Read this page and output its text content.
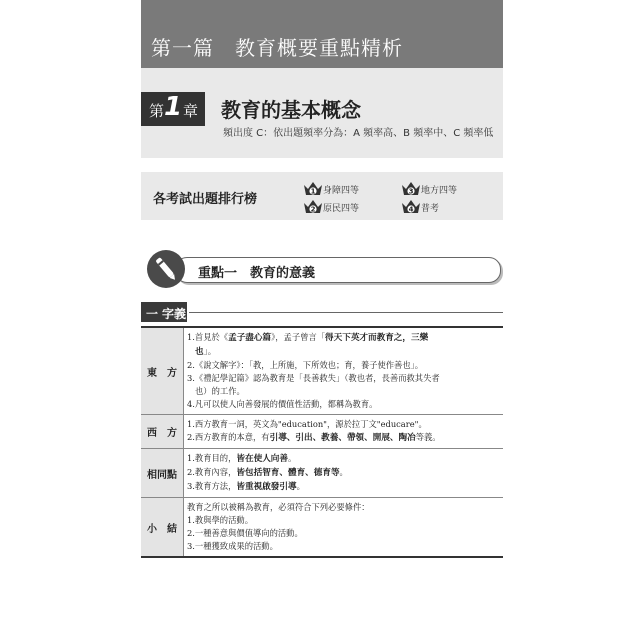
第一篇　教育概要重點精析
第 1 章 教育的基本概念
頻出度 C：依出題頻率分為：A 頻率高、B 頻率中、C 頻率低
各考試出題排行榜
1 身障四等
2 原民四等
3 地方四等
4 普考
重點一　教育的意義
一 字義
東　方
1.首見於《孟子盡心篇》，孟子曾言「得天下英才而教育之，三樂
也」。
2.《說文解字》：「教，上所施，下所效也；育，養子使作善也」。
3.《禮記學記篇》認為教育是「長善救失」（教也者，長善而救其失者
也）的工作。
4.凡可以使人向善發展的價值性活動，都稱為教育。
西　方
1.西方教育一詞，英文為"education"，源於拉丁文"educare"。
2.西方教育的本意，有引導、引出、教養、帶領、開展、陶冶等義。
相同點
1.教育目的，皆在使人向善。
2.教育內容，皆包括智育、體育、德育等。
3.教育方法，皆重視啟發引導。
小　結
教育之所以被稱為教育，必須符合下列必要條件：
1.教與學的活動。
2.一種善意與價值導向的活動。
3.一種獲致成果的活動。
